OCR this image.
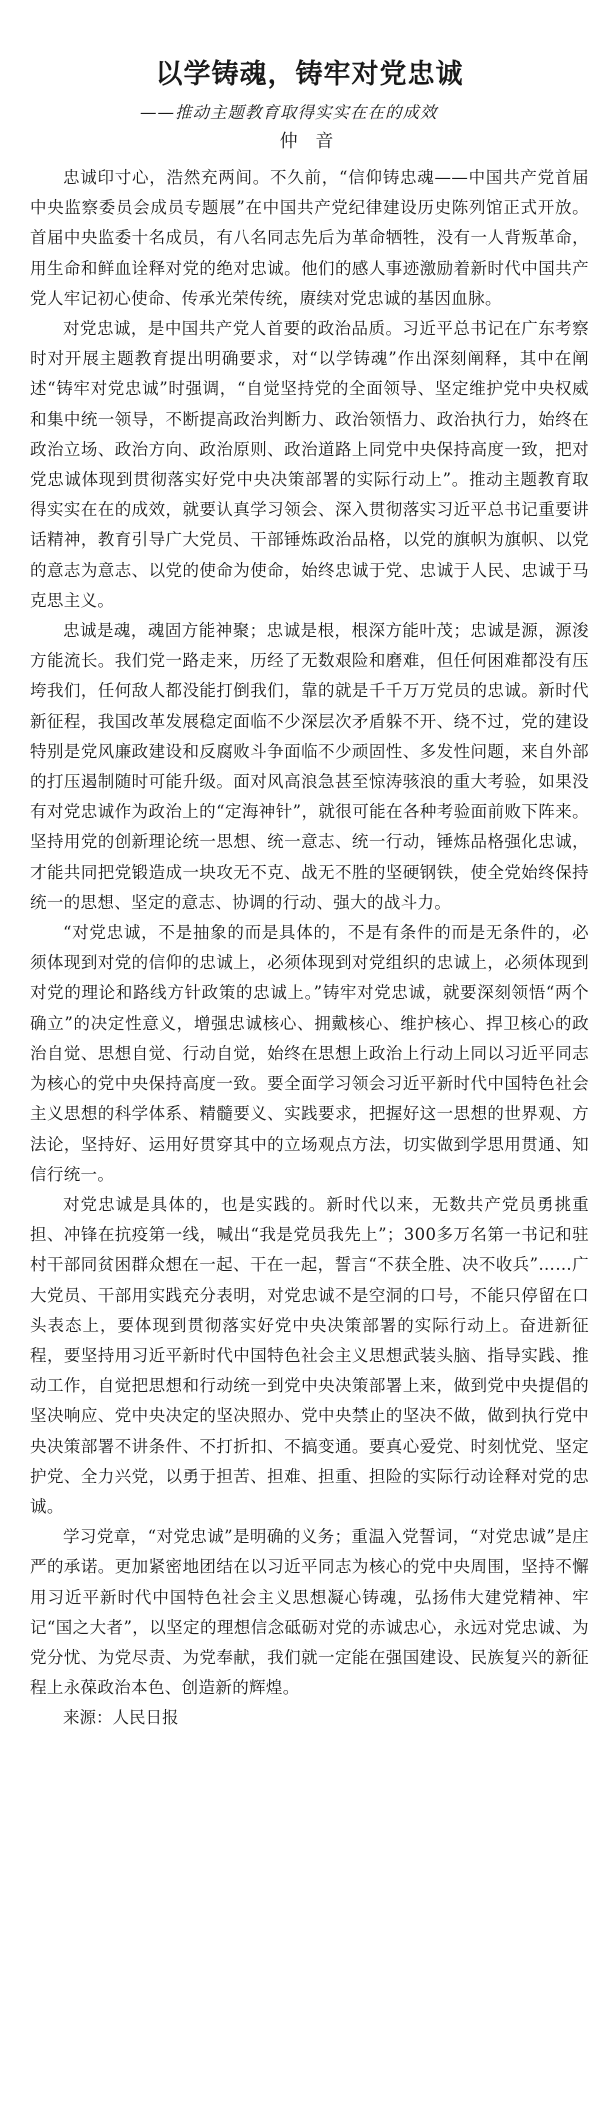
以学铸魂，铸牢对党忠诚
——推动主题教育取得实实在在的成效
仲 音

忠诚印寸心，浩然充两间。不久前，“信仰铸忠魂——中国共产党首届中央监察委员会成员专题展”在中国共产党纪律建设历史陈列馆正式开放。首届中央监委十名成员，有八名同志先后为革命牺牲，没有一人背叛革命，用生命和鲜血诠释对党的绝对忠诚。他们的感人事迹激励着新时代中国共产党人牢记初心使命、传承光荣传统，赓续对党忠诚的基因血脉。

对党忠诚，是中国共产党人首要的政治品质。习近平总书记在广东考察时对开展主题教育提出明确要求，对“以学铸魂”作出深刻阐释，其中在阐述“铸牢对党忠诚”时强调，“自觉坚持党的全面领导、坚定维护党中央权威和集中统一领导，不断提高政治判断力、政治领悟力、政治执行力，始终在政治立场、政治方向、政治原则、政治道路上同党中央保持高度一致，把对党忠诚体现到贯彻落实好党中央决策部署的实际行动上”。推动主题教育取得实实在在的成效，就要认真学习领会、深入贯彻落实习近平总书记重要讲话精神，教育引导广大党员、干部锤炼政治品格，以党的旗帜为旗帜、以党的意志为意志、以党的使命为使命，始终忠诚于党、忠诚于人民、忠诚于马克思主义。

忠诚是魂，魂固方能神聚；忠诚是根，根深方能叶茂；忠诚是源，源浚方能流长。我们党一路走来，历经了无数艰险和磨难，但任何困难都没有压垮我们，任何敌人都没能打倒我们，靠的就是千千万万党员的忠诚。新时代新征程，我国改革发展稳定面临不少深层次矛盾躲不开、绕不过，党的建设特别是党风廉政建设和反腐败斗争面临不少顽固性、多发性问题，来自外部的打压遏制随时可能升级。面对风高浪急甚至惊涛骇浪的重大考验，如果没有对党忠诚作为政治上的“定海神针”，就很可能在各种考验面前败下阵来。坚持用党的创新理论统一思想、统一意志、统一行动，锤炼品格强化忠诚，才能共同把党锻造成一块攻无不克、战无不胜的坚硬钢铁，使全党始终保持统一的思想、坚定的意志、协调的行动、强大的战斗力。

“对党忠诚，不是抽象的而是具体的，不是有条件的而是无条件的，必须体现到对党的信仰的忠诚上，必须体现到对党组织的忠诚上，必须体现到对党的理论和路线方针政策的忠诚上。”铸牢对党忠诚，就要深刻领悟“两个确立”的决定性意义，增强忠诚核心、拥戴核心、维护核心、捍卫核心的政治自觉、思想自觉、行动自觉，始终在思想上政治上行动上同以习近平同志为核心的党中央保持高度一致。要全面学习领会习近平新时代中国特色社会主义思想的科学体系、精髓要义、实践要求，把握好这一思想的世界观、方法论，坚持好、运用好贯穿其中的立场观点方法，切实做到学思用贯通、知信行统一。

对党忠诚是具体的，也是实践的。新时代以来，无数共产党员勇挑重担、冲锋在抗疫第一线，喊出“我是党员我先上”；300多万名第一书记和驻村干部同贫困群众想在一起、干在一起，誓言“不获全胜、决不收兵”……广大党员、干部用实践充分表明，对党忠诚不是空洞的口号，不能只停留在口头表态上，要体现到贯彻落实好党中央决策部署的实际行动上。奋进新征程，要坚持用习近平新时代中国特色社会主义思想武装头脑、指导实践、推动工作，自觉把思想和行动统一到党中央决策部署上来，做到党中央提倡的坚决响应、党中央决定的坚决照办、党中央禁止的坚决不做，做到执行党中央决策部署不讲条件、不打折扣、不搞变通。要真心爱党、时刻忧党、坚定护党、全力兴党，以勇于担苦、担难、担重、担险的实际行动诠释对党的忠诚。

学习党章，“对党忠诚”是明确的义务；重温入党誓词，“对党忠诚”是庄严的承诺。更加紧密地团结在以习近平同志为核心的党中央周围，坚持不懈用习近平新时代中国特色社会主义思想凝心铸魂，弘扬伟大建党精神、牢记“国之大者”，以坚定的理想信念砥砺对党的赤诚忠心，永远对党忠诚、为党分忧、为党尽责、为党奉献，我们就一定能在强国建设、民族复兴的新征程上永葆政治本色、创造新的辉煌。

来源：人民日报
